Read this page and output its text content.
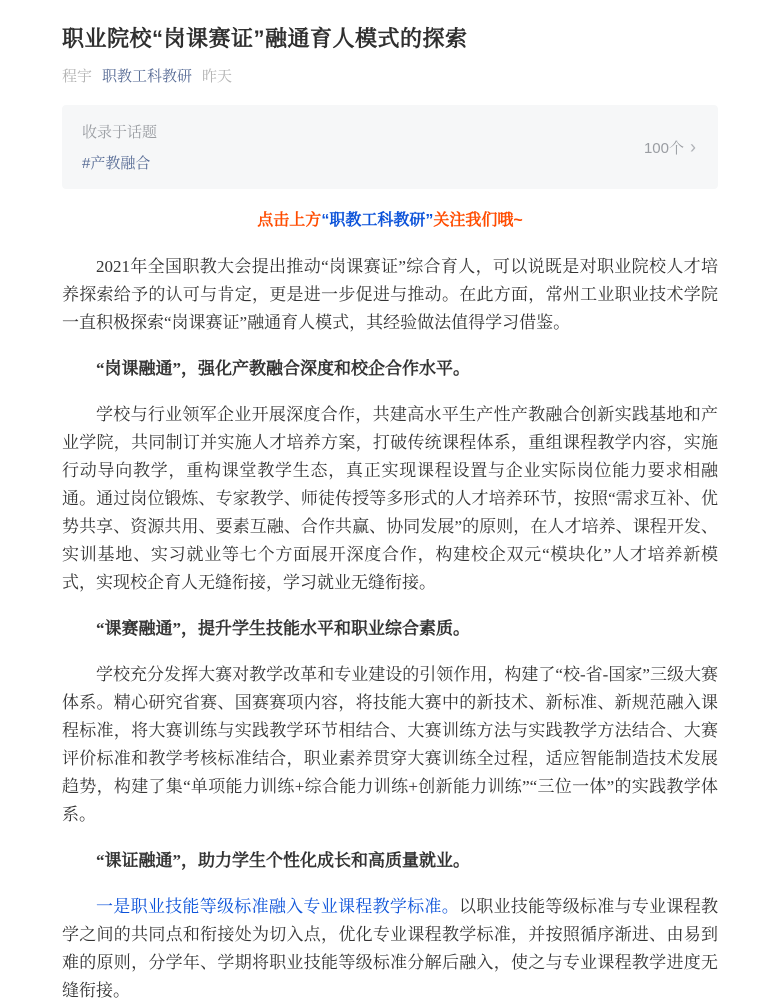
职业院校“岗课赛证”融通育人模式的探索
程宇 职教工科教研 昨天
收录于话题
#产教融合
100个 ›

点击上方“职教工科教研”关注我们哦~

2021年全国职教大会提出推动“岗课赛证”综合育人，可以说既是对职业院校人才培养探索给予的认可与肯定，更是进一步促进与推动。在此方面，常州工业职业技术学院一直积极探索“岗课赛证”融通育人模式，其经验做法值得学习借鉴。

“岗课融通”，强化产教融合深度和校企合作水平。

学校与行业领军企业开展深度合作，共建高水平生产性产教融合创新实践基地和产业学院，共同制订并实施人才培养方案，打破传统课程体系，重组课程教学内容，实施行动导向教学，重构课堂教学生态，真正实现课程设置与企业实际岗位能力要求相融通。通过岗位锻炼、专家教学、师徒传授等多形式的人才培养环节，按照“需求互补、优势共享、资源共用、要素互融、合作共赢、协同发展”的原则，在人才培养、课程开发、实训基地、实习就业等七个方面展开深度合作，构建校企双元“模块化”人才培养新模式，实现校企育人无缝衔接，学习就业无缝衔接。

“课赛融通”，提升学生技能水平和职业综合素质。

学校充分发挥大赛对教学改革和专业建设的引领作用，构建了“校-省-国家”三级大赛体系。精心研究省赛、国赛赛项内容，将技能大赛中的新技术、新标准、新规范融入课程标准，将大赛训练与实践教学环节相结合、大赛训练方法与实践教学方法结合、大赛评价标准和教学考核标准结合，职业素养贯穿大赛训练全过程，适应智能制造技术发展趋势，构建了集“单项能力训练+综合能力训练+创新能力训练”“三位一体”的实践教学体系。

“课证融通”，助力学生个性化成长和高质量就业。

一是职业技能等级标准融入专业课程教学标准。以职业技能等级标准与专业课程教学之间的共同点和衔接处为切入点，优化专业课程教学标准，并按照循序渐进、由易到难的原则，分学年、学期将职业技能等级标准分解后融入，使之与专业课程教学进度无缝衔接。
